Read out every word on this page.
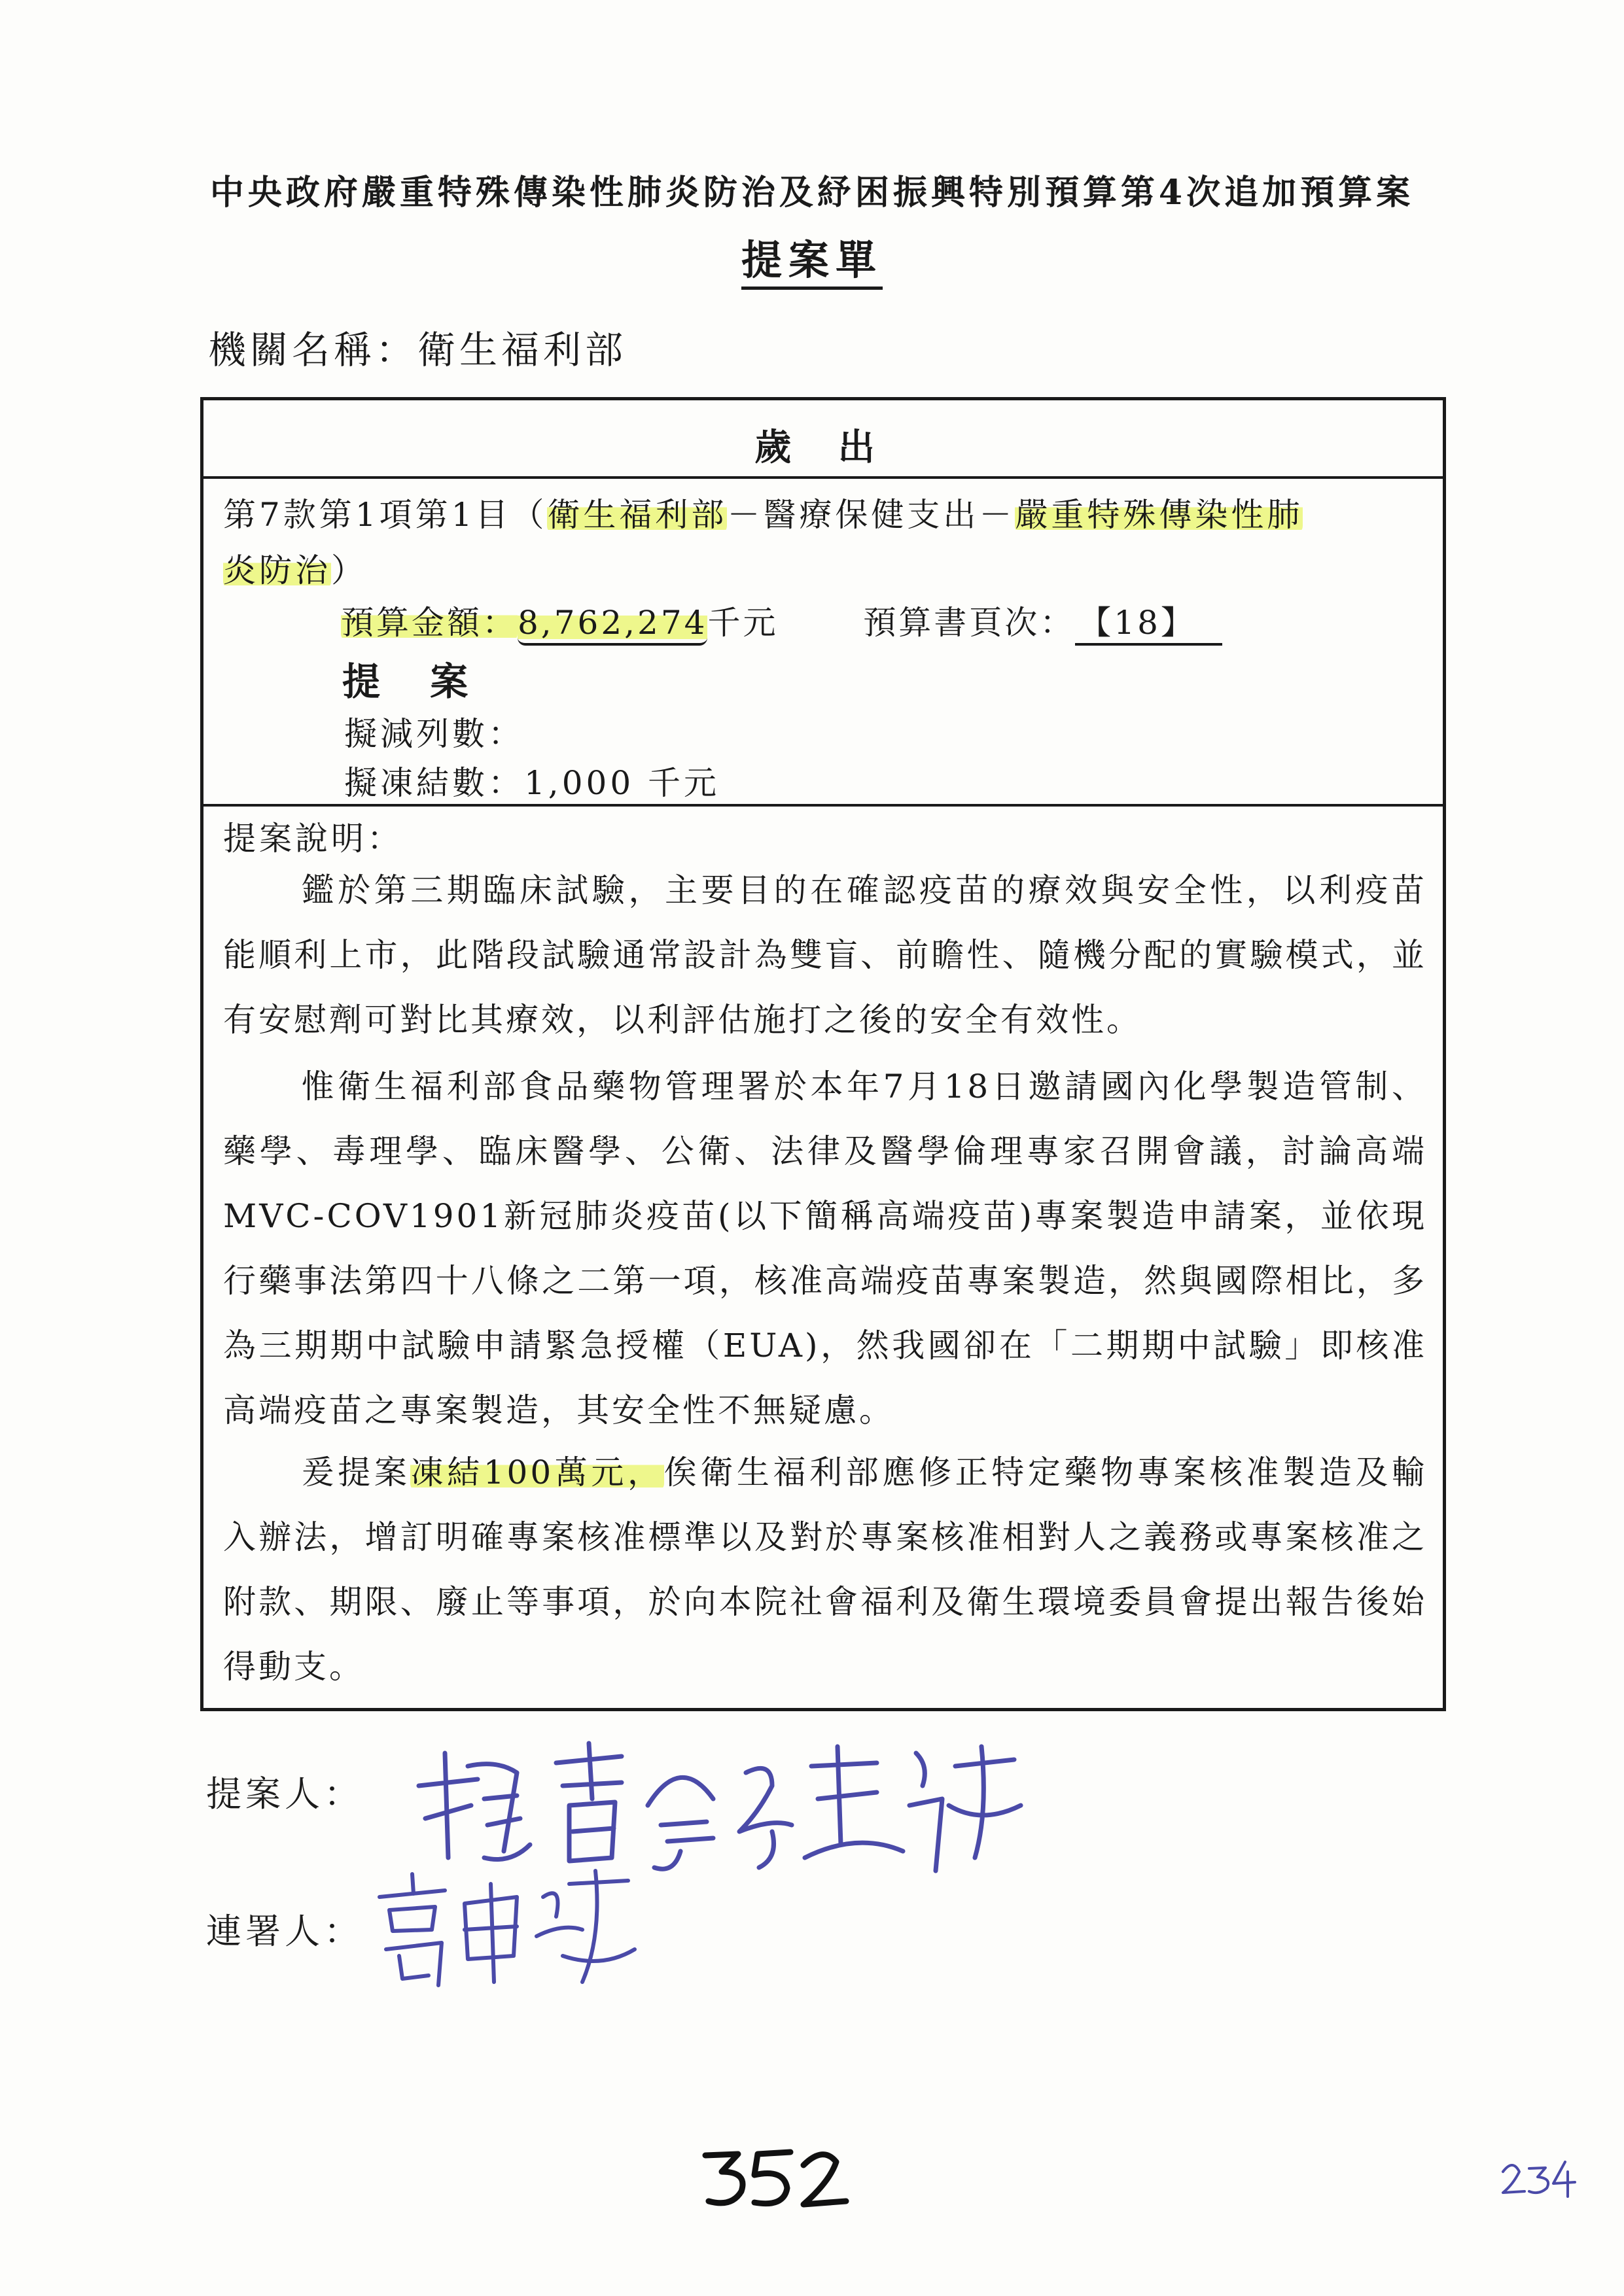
中央政府嚴重特殊傳染性肺炎防治及紓困振興特別預算第4次追加預算案
提案單
機關名稱：衛生福利部
歲 出
第7款第1項第1目（衛生福利部－醫療保健支出－嚴重特殊傳染性肺
炎防治）
預算金額：8,762,274千元	預算書頁次： 【18】
提 案
擬減列數：
擬凍結數：1,000 千元
提案說明：
鑑於第三期臨床試驗，主要目的在確認疫苗的療效與安全性，以利疫苗能順利上市，此階段試驗通常設計為雙盲、前瞻性、隨機分配的實驗模式，並有安慰劑可對比其療效，以利評估施打之後的安全有效性。
惟衛生福利部食品藥物管理署於本年7月18日邀請國內化學製造管制、藥學、毒理學、臨床醫學、公衛、法律及醫學倫理專家召開會議，討論高端MVC-COV1901新冠肺炎疫苗(以下簡稱高端疫苗)專案製造申請案，並依現行藥事法第四十八條之二第一項，核准高端疫苗專案製造，然與國際相比，多為三期期中試驗申請緊急授權（EUA)，然我國卻在「二期期中試驗」即核准高端疫苗之專案製造，其安全性不無疑慮。
爰提案凍結100萬元，俟衛生福利部應修正特定藥物專案核准製造及輸入辦法，增訂明確專案核准標準以及對於專案核准相對人之義務或專案核准之附款、期限、廢止等事項，於向本院社會福利及衛生環境委員會提出報告後始得動支。
提案人：
連署人：
